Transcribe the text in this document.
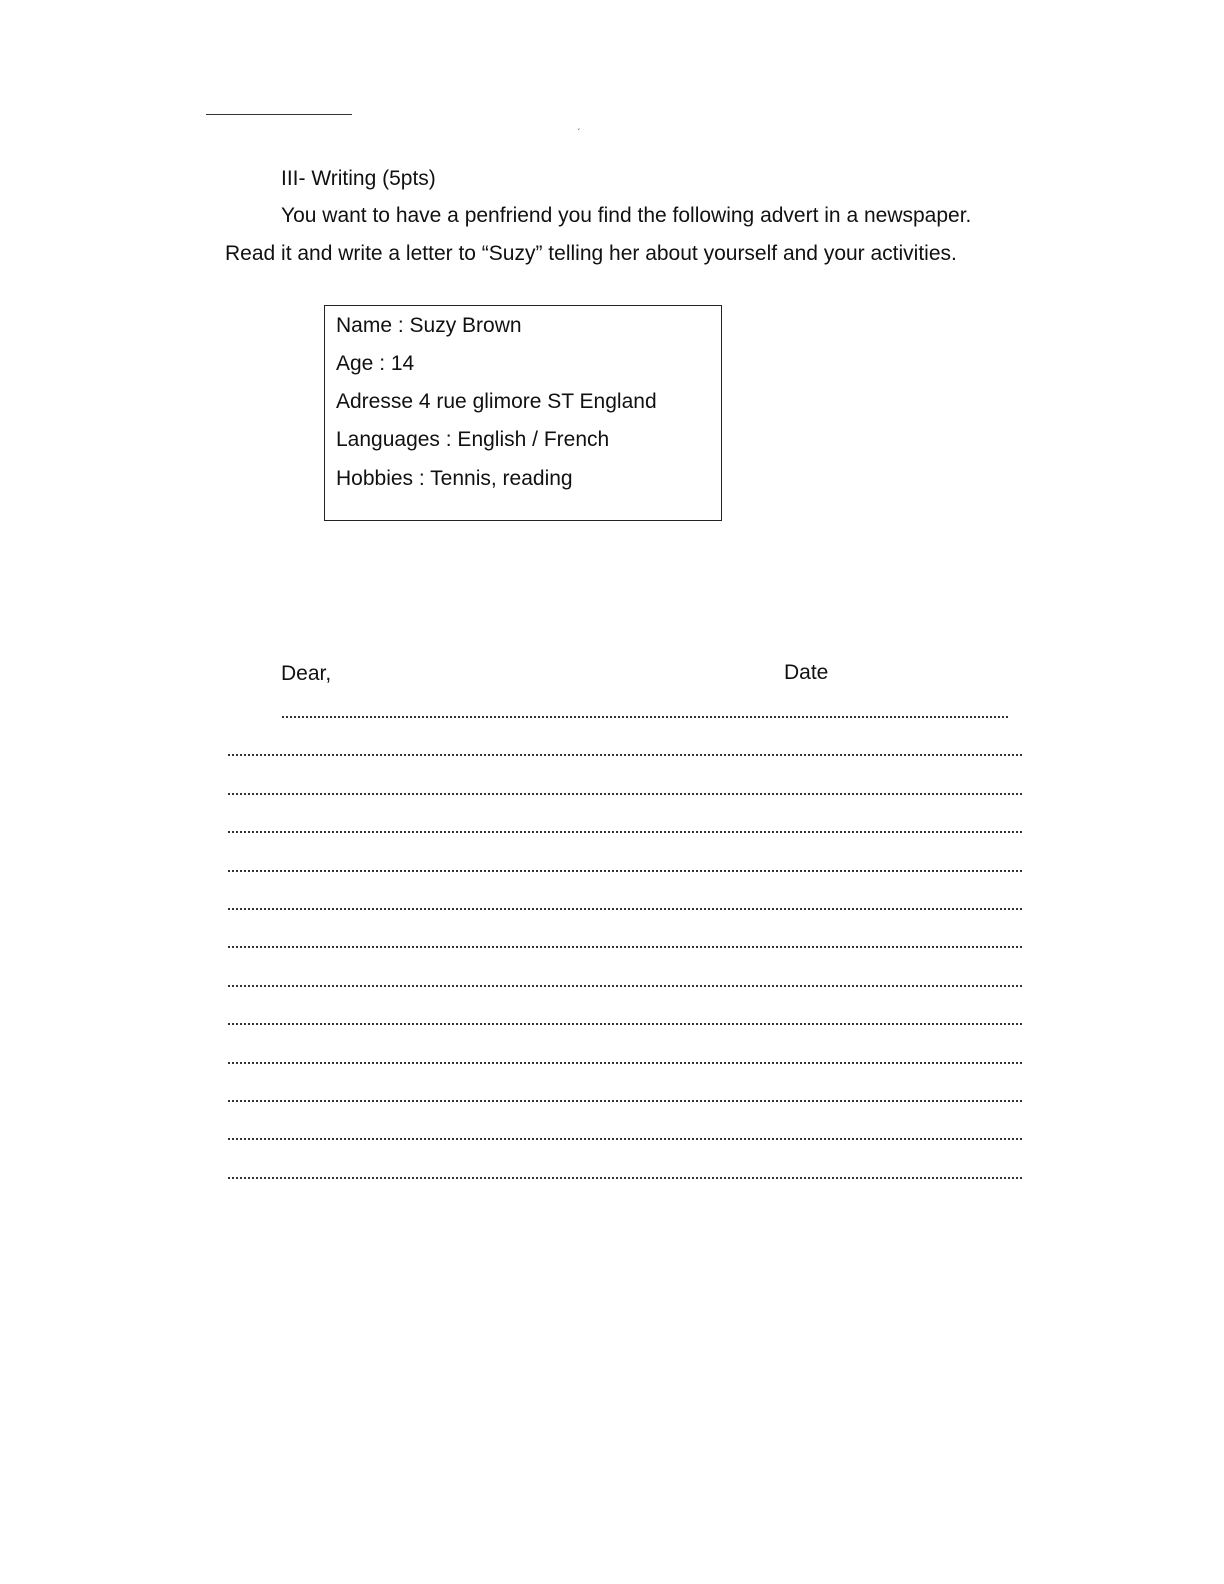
˯
III- Writing (5pts)
You want to have a penfriend you find the following advert in a newspaper.
Read it and write a letter to “Suzy” telling her about yourself and your activities.
Name : Suzy Brown
Age : 14
Adresse 4 rue glimore ST England
Languages : English / French
Hobbies : Tennis, reading
Dear,	Date
